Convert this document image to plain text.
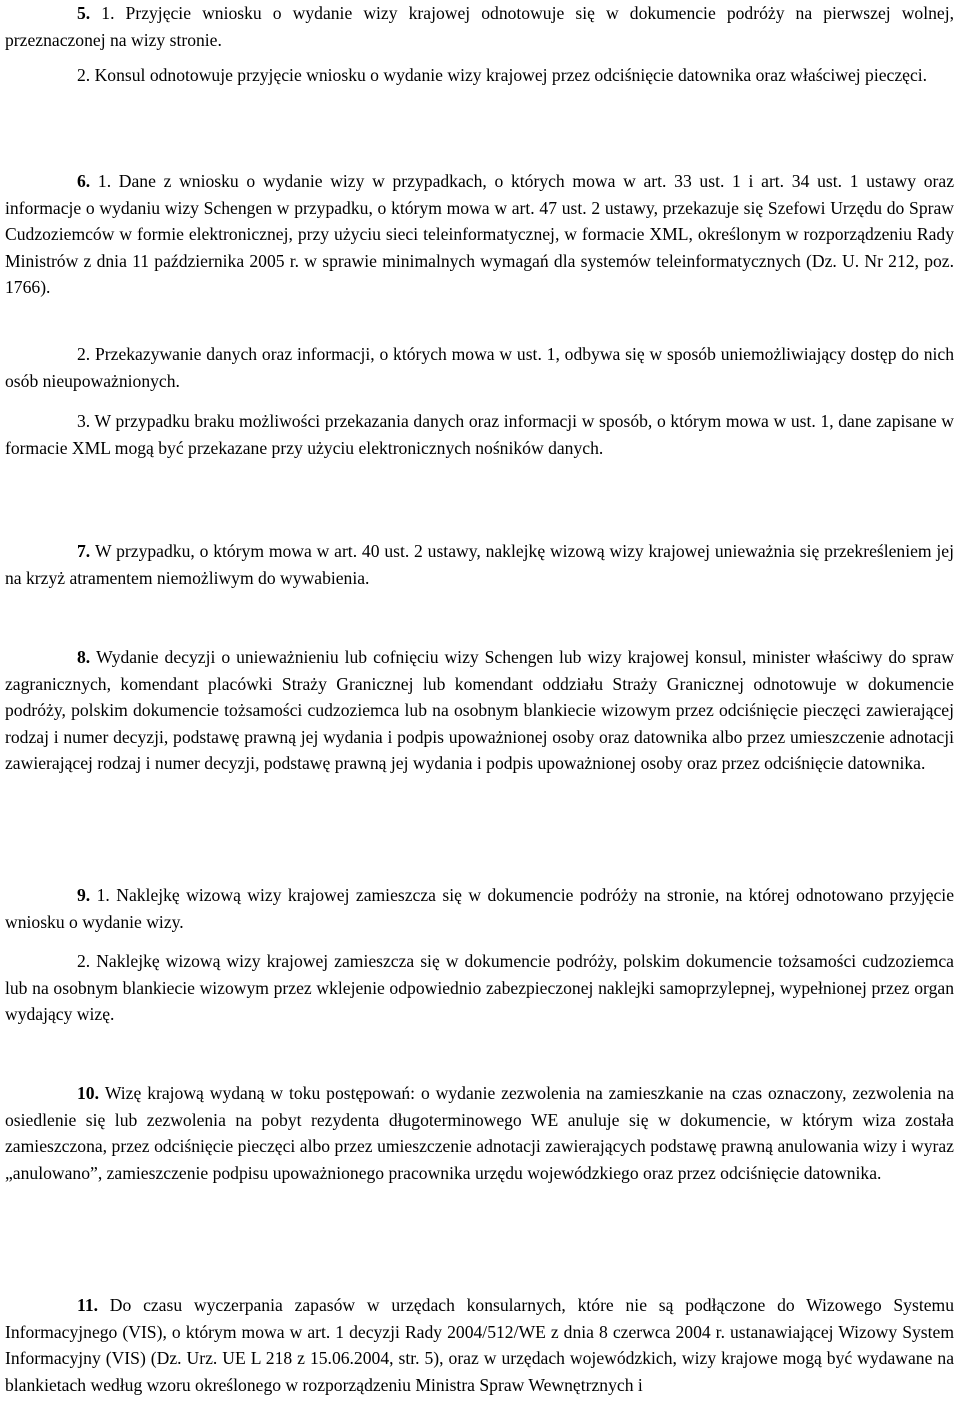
5. 1. Przyjęcie wniosku o wydanie wizy krajowej odnotowuje się w dokumencie podróży na pierwszej wolnej, przeznaczonej na wizy stronie.

2. Konsul odnotowuje przyjęcie wniosku o wydanie wizy krajowej przez odciśnięcie datownika oraz właściwej pieczęci.

6. 1. Dane z wniosku o wydanie wizy w przypadkach, o których mowa w art. 33 ust. 1 i art. 34 ust. 1 ustawy oraz informacje o wydaniu wizy Schengen w przypadku, o którym mowa w art. 47 ust. 2 ustawy, przekazuje się Szefowi Urzędu do Spraw Cudzoziemców w formie elektronicznej, przy użyciu sieci teleinformatycznej, w formacie XML, określonym w rozporządzeniu Rady Ministrów z dnia 11 października 2005 r. w sprawie minimalnych wymagań dla systemów teleinformatycznych (Dz. U. Nr 212, poz. 1766).

2. Przekazywanie danych oraz informacji, o których mowa w ust. 1, odbywa się w sposób uniemożliwiający dostęp do nich osób nieupoważnionych.

3. W przypadku braku możliwości przekazania danych oraz informacji w sposób, o którym mowa w ust. 1, dane zapisane w formacie XML mogą być przekazane przy użyciu elektronicznych nośników danych.

7. W przypadku, o którym mowa w art. 40 ust. 2 ustawy, naklejkę wizową wizy krajowej unieważnia się przekreśleniem jej na krzyż atramentem niemożliwym do wywabienia.

8. Wydanie decyzji o unieważnieniu lub cofnięciu wizy Schengen lub wizy krajowej konsul, minister właściwy do spraw zagranicznych, komendant placówki Straży Granicznej lub komendant oddziału Straży Granicznej odnotowuje w dokumencie podróży, polskim dokumencie tożsamości cudzoziemca lub na osobnym blankiecie wizowym przez odciśnięcie pieczęci zawierającej rodzaj i numer decyzji, podstawę prawną jej wydania i podpis upoważnionej osoby oraz datownika albo przez umieszczenie adnotacji zawierającej rodzaj i numer decyzji, podstawę prawną jej wydania i podpis upoważnionej osoby oraz przez odciśnięcie datownika.

9. 1. Naklejkę wizową wizy krajowej zamieszcza się w dokumencie podróży na stronie, na której odnotowano przyjęcie wniosku o wydanie wizy.

2. Naklejkę wizową wizy krajowej zamieszcza się w dokumencie podróży, polskim dokumencie tożsamości cudzoziemca lub na osobnym blankiecie wizowym przez wklejenie odpowiednio zabezpieczonej naklejki samoprzylepnej, wypełnionej przez organ wydający wizę.

10. Wizę krajową wydaną w toku postępowań: o wydanie zezwolenia na zamieszkanie na czas oznaczony, zezwolenia na osiedlenie się lub zezwolenia na pobyt rezydenta długoterminowego WE anuluje się w dokumencie, w którym wiza została zamieszczona, przez odciśnięcie pieczęci albo przez umieszczenie adnotacji zawierających podstawę prawną anulowania wizy i wyraz „anulowano”, zamieszczenie podpisu upoważnionego pracownika urzędu wojewódzkiego oraz przez odciśnięcie datownika.

11. Do czasu wyczerpania zapasów w urzędach konsularnych, które nie są podłączone do Wizowego Systemu Informacyjnego (VIS), o którym mowa w art. 1 decyzji Rady 2004/512/WE z dnia 8 czerwca 2004 r. ustanawiającej Wizowy System Informacyjny (VIS) (Dz. Urz. UE L 218 z 15.06.2004, str. 5), oraz w urzędach wojewódzkich, wizy krajowe mogą być wydawane na blankietach według wzoru określonego w rozporządzeniu Ministra Spraw Wewnętrznych i
